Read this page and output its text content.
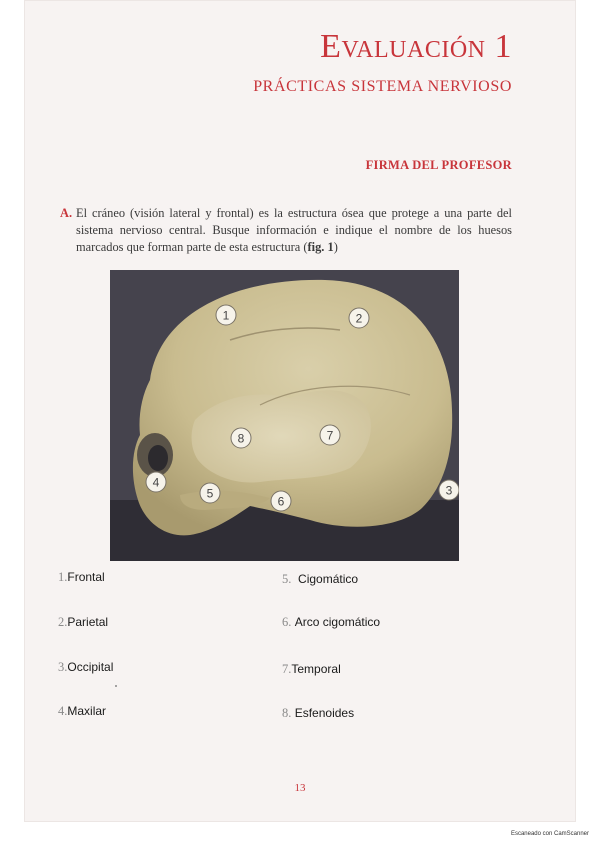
Evaluación 1
PRÁCTICAS SISTEMA NERVIOSO
FIRMA DEL PROFESOR
A. El cráneo (visión lateral y frontal) es la estructura ósea que protege a una parte del sistema nervioso central. Busque información e indique el nombre de los huesos marcados que forman parte de esta estructura (fig. 1)
1	2
3
4
5
6
7
8
1.Frontal
2.Parietal
3.Occipital
4.Maxilar
5. Cigomático
6. Arco cigomático
7.Temporal
8. Esfenoides
13
Escaneado con CamScanner
